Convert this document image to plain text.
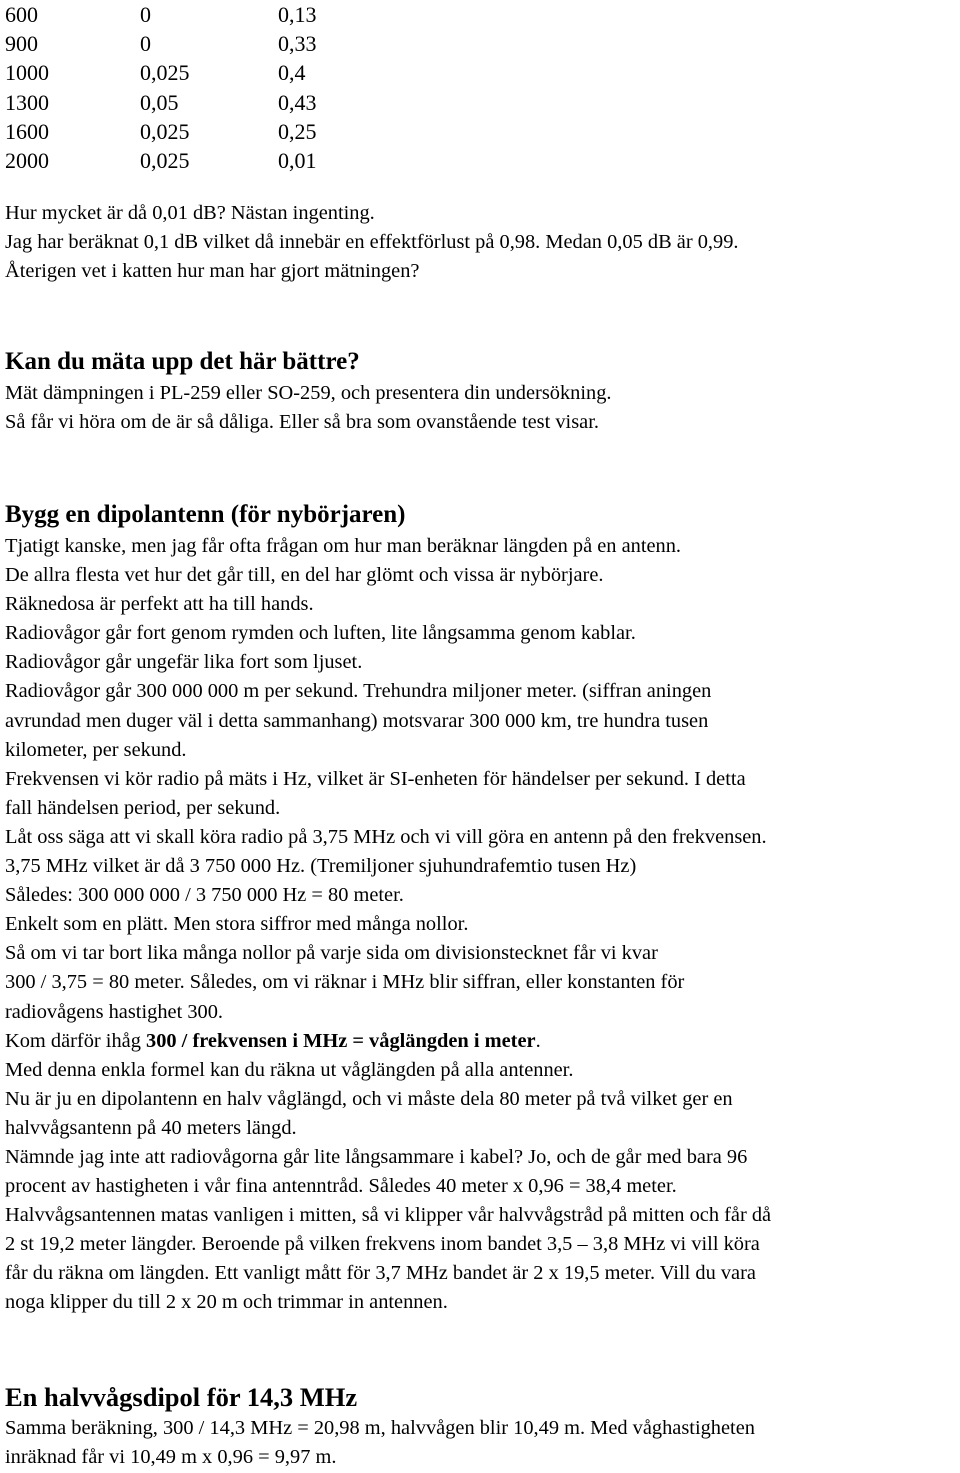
600	0	0,13
900	0	0,33
1000	0,025	0,4
1300	0,05	0,43
1600	0,025	0,25
2000	0,025	0,01

Hur mycket är då 0,01 dB? Nästan ingenting.

Jag har beräknat 0,1 dB vilket då innebär en effektförlust på 0,98. Medan 0,05 dB är 0,99.

Återigen vet i katten hur man har gjort mätningen?

Kan du mäta upp det här bättre?

Mät dämpningen i PL-259 eller SO-259, och presentera din undersökning.

Så får vi höra om de är så dåliga. Eller så bra som ovanstående test visar.

Bygg en dipolantenn (för nybörjaren)

Tjatigt kanske, men jag får ofta frågan om hur man beräknar längden på en antenn.

De allra flesta vet hur det går till, en del har glömt och vissa är nybörjare.

Räknedosa är perfekt att ha till hands.

Radiovågor går fort genom rymden och luften, lite långsamma genom kablar.

Radiovågor går ungefär lika fort som ljuset.

Radiovågor går 300 000 000 m per sekund. Trehundra miljoner meter. (siffran aningen

avrundad men duger väl i detta sammanhang) motsvarar 300 000 km, tre hundra tusen

kilometer, per sekund.

Frekvensen vi kör radio på mäts i Hz, vilket är SI-enheten för händelser per sekund. I detta

fall händelsen period, per sekund.

Låt oss säga att vi skall köra radio på 3,75 MHz och vi vill göra en antenn på den frekvensen.

3,75 MHz vilket är då 3 750 000 Hz. (Tremiljoner sjuhundrafemtio tusen Hz)

Således: 300 000 000 / 3 750 000 Hz = 80 meter.

Enkelt som en plätt. Men stora siffror med många nollor.

Så om vi tar bort lika många nollor på varje sida om divisionstecknet får vi kvar

300 / 3,75 = 80 meter. Således, om vi räknar i MHz blir siffran, eller konstanten för

radiovågens hastighet 300.

Kom därför ihåg 300 / frekvensen i MHz = våglängden i meter.

Med denna enkla formel kan du räkna ut våglängden på alla antenner.

Nu är ju en dipolantenn en halv våglängd, och vi måste dela 80 meter på två vilket ger en

halvvågsantenn på 40 meters längd.

Nämnde jag inte att radiovågorna går lite långsammare i kabel? Jo, och de går med bara 96

procent av hastigheten i vår fina antenntråd. Således 40 meter x 0,96 = 38,4 meter.

Halvvågsantennen matas vanligen i mitten, så vi klipper vår halvvågstråd på mitten och får då

2 st 19,2 meter längder. Beroende på vilken frekvens inom bandet 3,5 – 3,8 MHz vi vill köra

får du räkna om längden. Ett vanligt mått för 3,7 MHz bandet är 2 x 19,5 meter. Vill du vara

noga klipper du till 2 x 20 m och trimmar in antennen.

En halvvågsdipol för 14,3 MHz

Samma beräkning, 300 / 14,3 MHz = 20,98 m, halvvågen blir 10,49 m. Med våghastigheten

inräknad får vi 10,49 m x 0,96 = 9,97 m.
